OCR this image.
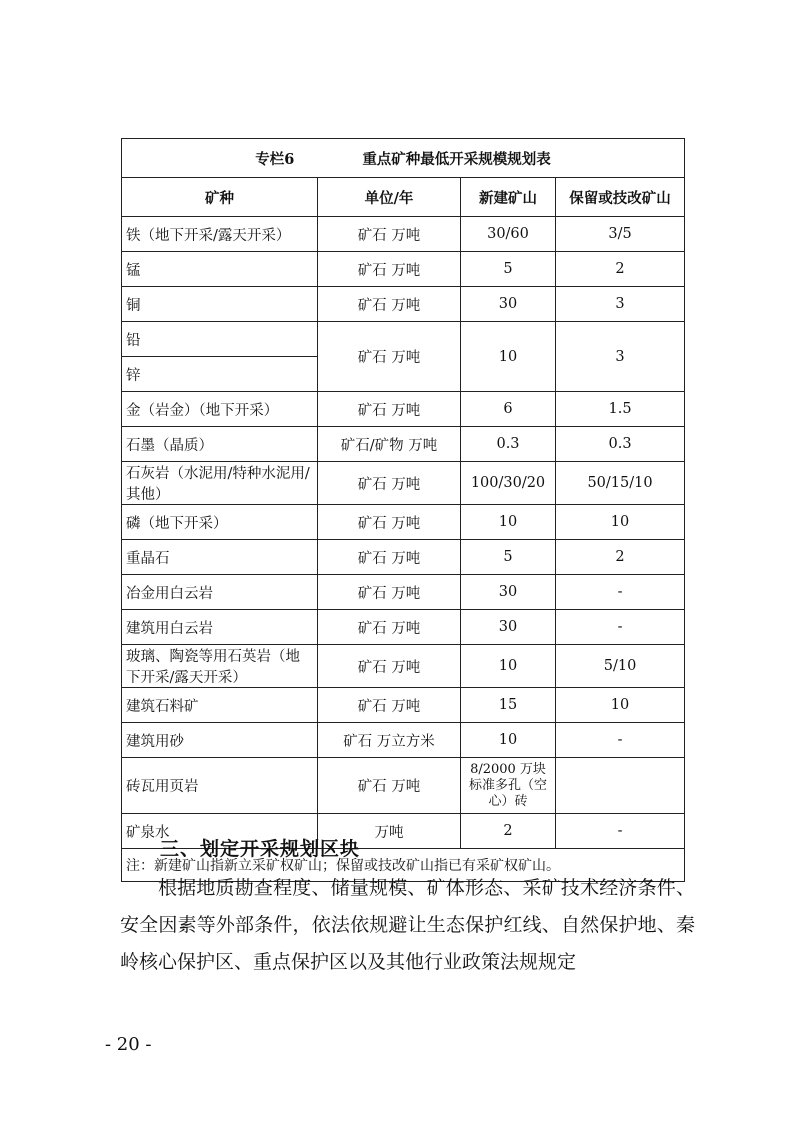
专栏6 重点矿种最低开采规模规划表			
矿种	单位/年	新建矿山	保留或技改矿山
铁（地下开采/露天开采）	矿石 万吨	30/60	3/5
锰	矿石 万吨	5	2
铜	矿石 万吨	30	3
铅	矿石 万吨	10	3
锌			
金（岩金）（地下开采）	矿石 万吨	6	1.5
石墨（晶质）	矿石/矿物 万吨	0.3	0.3
石灰岩（水泥用/特种水泥用/其他）	矿石 万吨	100/30/20	50/15/10
磷（地下开采）	矿石 万吨	10	10
重晶石	矿石 万吨	5	2
冶金用白云岩	矿石 万吨	30	-
建筑用白云岩	矿石 万吨	30	-
玻璃、陶瓷等用石英岩（地下开采/露天开采）	矿石 万吨	10	5/10
建筑石料矿	矿石 万吨	15	10
建筑用砂	矿石 万立方米	10	-
砖瓦用页岩	矿石 万吨	8/2000 万块标准多孔（空心）砖	
矿泉水	万吨	2	-
注：新建矿山指新立采矿权矿山；保留或技改矿山指已有采矿权矿山。			
三、划定开采规划区块
根据地质勘查程度、储量规模、矿体形态、采矿技术经济条件、安全因素等外部条件，依法依规避让生态保护红线、自然保护地、秦岭核心保护区、重点保护区以及其他行业政策法规规定
- 20 -
